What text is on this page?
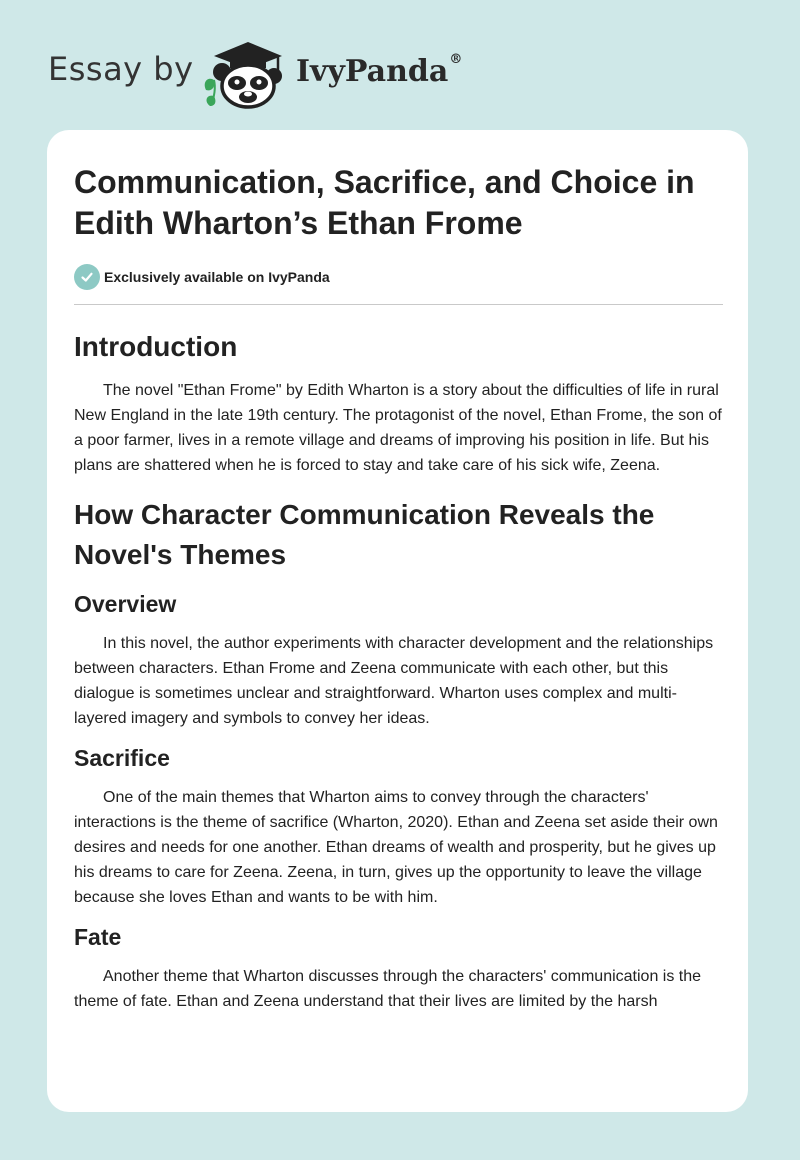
Essay by	IvyPanda®
Communication, Sacrifice, and Choice in Edith Wharton’s Ethan Frome
Exclusively available on IvyPanda
Introduction

The novel "Ethan Frome" by Edith Wharton is a story about the difficulties of life in rural New England in the late 19th century. The protagonist of the novel, Ethan Frome, the son of a poor farmer, lives in a remote village and dreams of improving his position in life. But his plans are shattered when he is forced to stay and take care of his sick wife, Zeena.

How Character Communication Reveals the Novel's Themes
Overview

In this novel, the author experiments with character development and the relationships between characters. Ethan Frome and Zeena communicate with each other, but this dialogue is sometimes unclear and straightforward. Wharton uses complex and multi-layered imagery and symbols to convey her ideas.

Sacrifice

One of the main themes that Wharton aims to convey through the characters' interactions is the theme of sacrifice (Wharton, 2020). Ethan and Zeena set aside their own desires and needs for one another. Ethan dreams of wealth and prosperity, but he gives up his dreams to care for Zeena. Zeena, in turn, gives up the opportunity to leave the village because she loves Ethan and wants to be with him.

Fate

Another theme that Wharton discusses through the characters' communication is the theme of fate. Ethan and Zeena understand that their lives are limited by the harsh
